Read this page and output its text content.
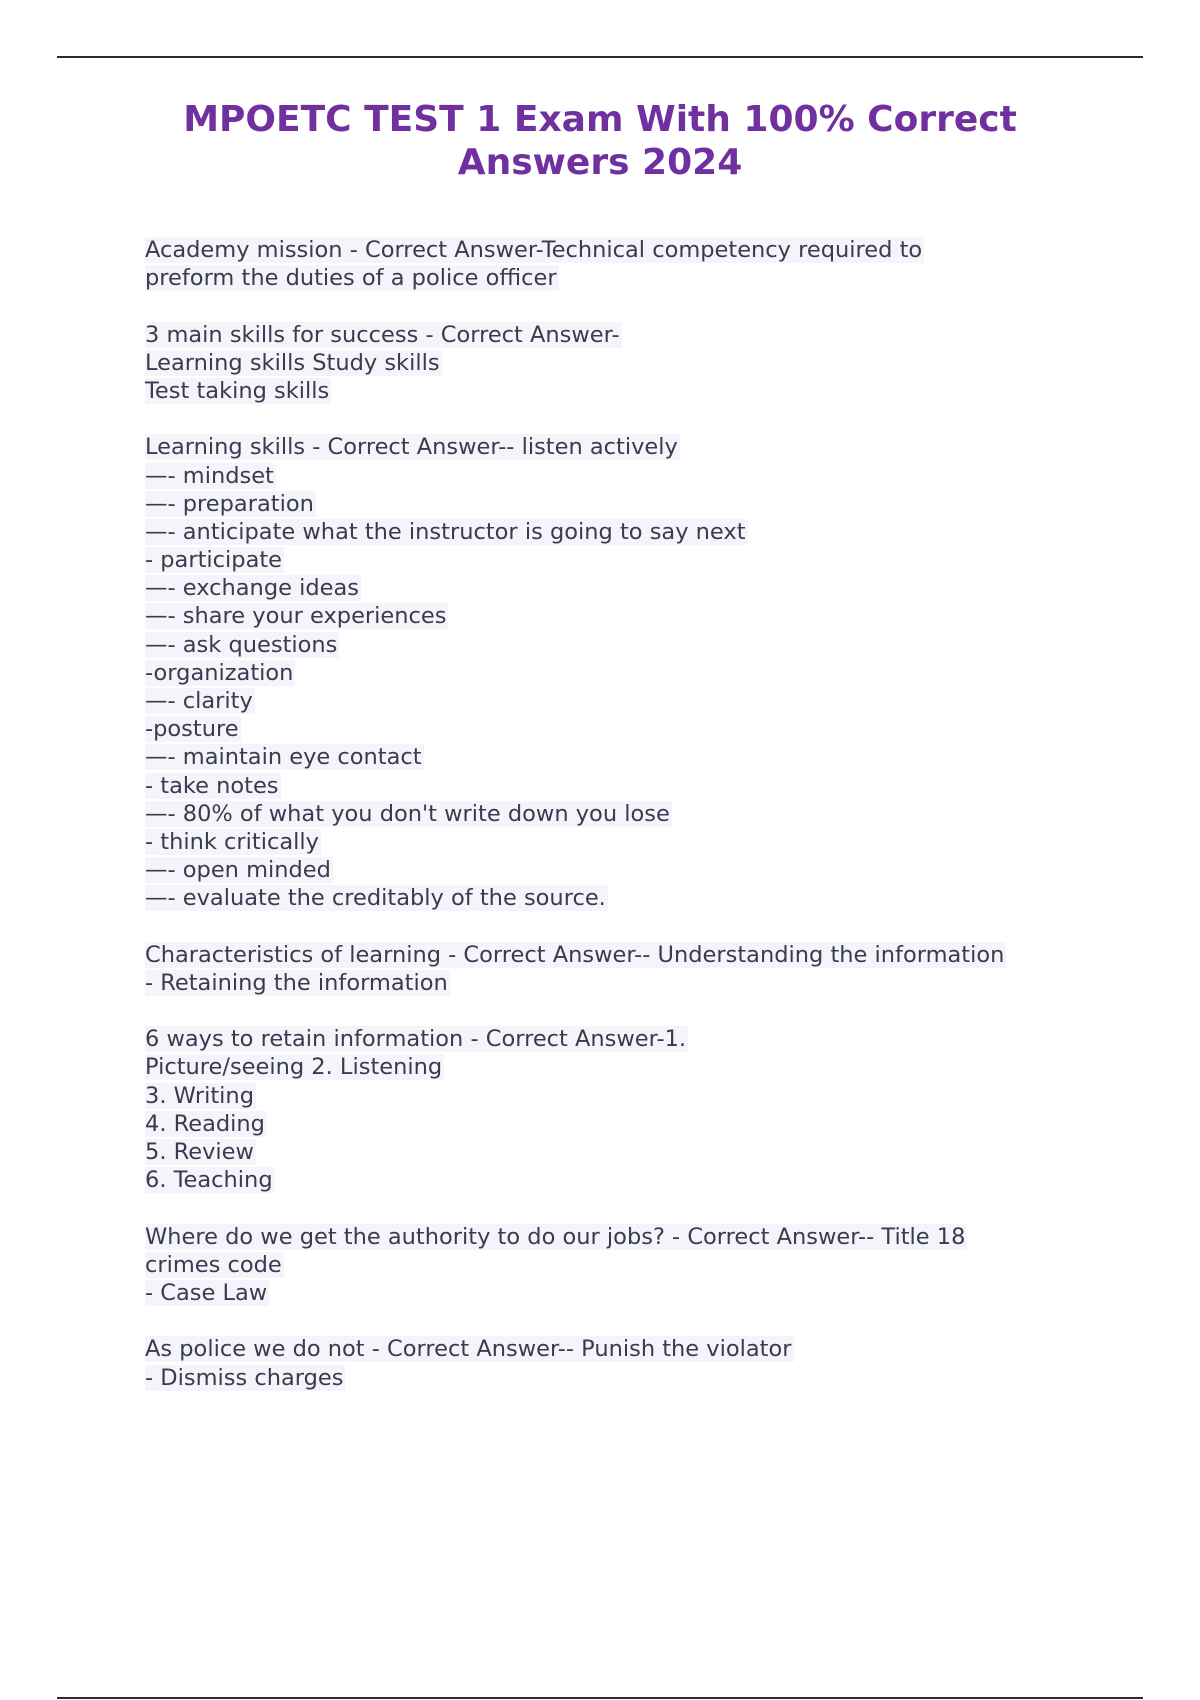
MPOETC TEST 1 Exam With 100% Correct
Answers 2024
Academy mission - Correct Answer-Technical competency required to
preform the duties of a police officer
3 main skills for success - Correct Answer-
Learning skills Study skills
Test taking skills
Learning skills - Correct Answer-- listen actively
—- mindset
—- preparation
—- anticipate what the instructor is going to say next
- participate
—- exchange ideas
—- share your experiences
—- ask questions
-organization
—- clarity
-posture
—- maintain eye contact
- take notes
—- 80% of what you don't write down you lose
- think critically
—- open minded
—- evaluate the creditably of the source.
Characteristics of learning - Correct Answer-- Understanding the information
- Retaining the information
6 ways to retain information - Correct Answer-1.
Picture/seeing 2. Listening
3. Writing
4. Reading
5. Review
6. Teaching
Where do we get the authority to do our jobs? - Correct Answer-- Title 18
crimes code
- Case Law
As police we do not - Correct Answer-- Punish the violator
- Dismiss charges
